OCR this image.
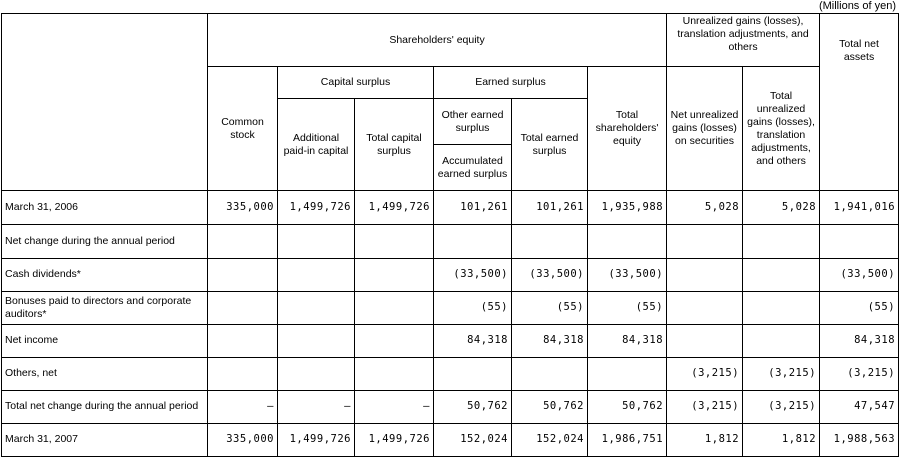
(Millions of yen)
	Shareholders' equity						Unrealized gains (losses), translation adjustments, and others		Total net assets
	Common stock	Capital surplus		Earned surplus		Total shareholders' equity	Net unrealized gains (losses) on securities	Total unrealized gains (losses), translation adjustments, and others	
		Additional paid-in capital	Total capital surplus	Other earned surplus	Total earned surplus				
				Accumulated earned surplus					
March 31, 2006	335,000	1,499,726	1,499,726	101,261	101,261	1,935,988	5,028	5,028	1,941,016
Net change during the annual period									
Cash dividends*				(33,500)	(33,500)	(33,500)			(33,500)
Bonuses paid to directors and corporate auditors*				(55)	(55)	(55)			(55)
Net income				84,318	84,318	84,318			84,318
Others, net							(3,215)	(3,215)	(3,215)
Total net change during the annual period	–	–	–	50,762	50,762	50,762	(3,215)	(3,215)	47,547
March 31, 2007	335,000	1,499,726	1,499,726	152,024	152,024	1,986,751	1,812	1,812	1,988,563
